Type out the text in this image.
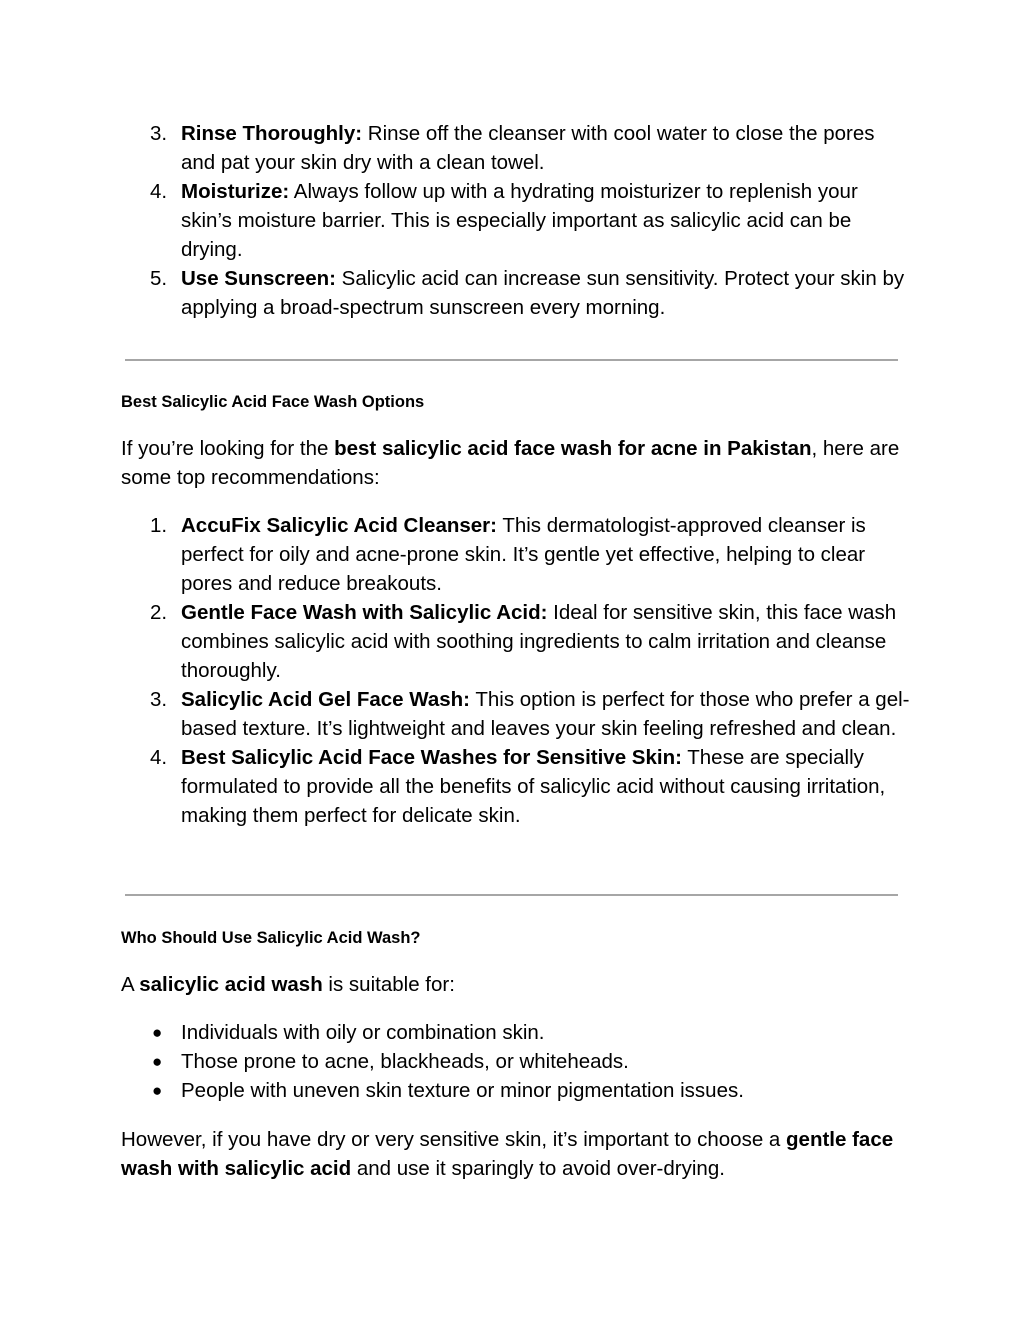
3. Rinse Thoroughly: Rinse off the cleanser with cool water to close the pores and pat your skin dry with a clean towel.
4. Moisturize: Always follow up with a hydrating moisturizer to replenish your skin’s moisture barrier. This is especially important as salicylic acid can be drying.
5. Use Sunscreen: Salicylic acid can increase sun sensitivity. Protect your skin by applying a broad-spectrum sunscreen every morning.
Best Salicylic Acid Face Wash Options

If you’re looking for the best salicylic acid face wash for acne in Pakistan, here are some top recommendations:

1. AccuFix Salicylic Acid Cleanser: This dermatologist-approved cleanser is perfect for oily and acne-prone skin. It’s gentle yet effective, helping to clear pores and reduce breakouts.
2. Gentle Face Wash with Salicylic Acid: Ideal for sensitive skin, this face wash combines salicylic acid with soothing ingredients to calm irritation and cleanse thoroughly.
3. Salicylic Acid Gel Face Wash: This option is perfect for those who prefer a gel-based texture. It’s lightweight and leaves your skin feeling refreshed and clean.
4. Best Salicylic Acid Face Washes for Sensitive Skin: These are specially formulated to provide all the benefits of salicylic acid without causing irritation, making them perfect for delicate skin.
Who Should Use Salicylic Acid Wash?

A salicylic acid wash is suitable for:

● Individuals with oily or combination skin.
● Those prone to acne, blackheads, or whiteheads.
● People with uneven skin texture or minor pigmentation issues.

However, if you have dry or very sensitive skin, it’s important to choose a gentle face wash with salicylic acid and use it sparingly to avoid over-drying.
